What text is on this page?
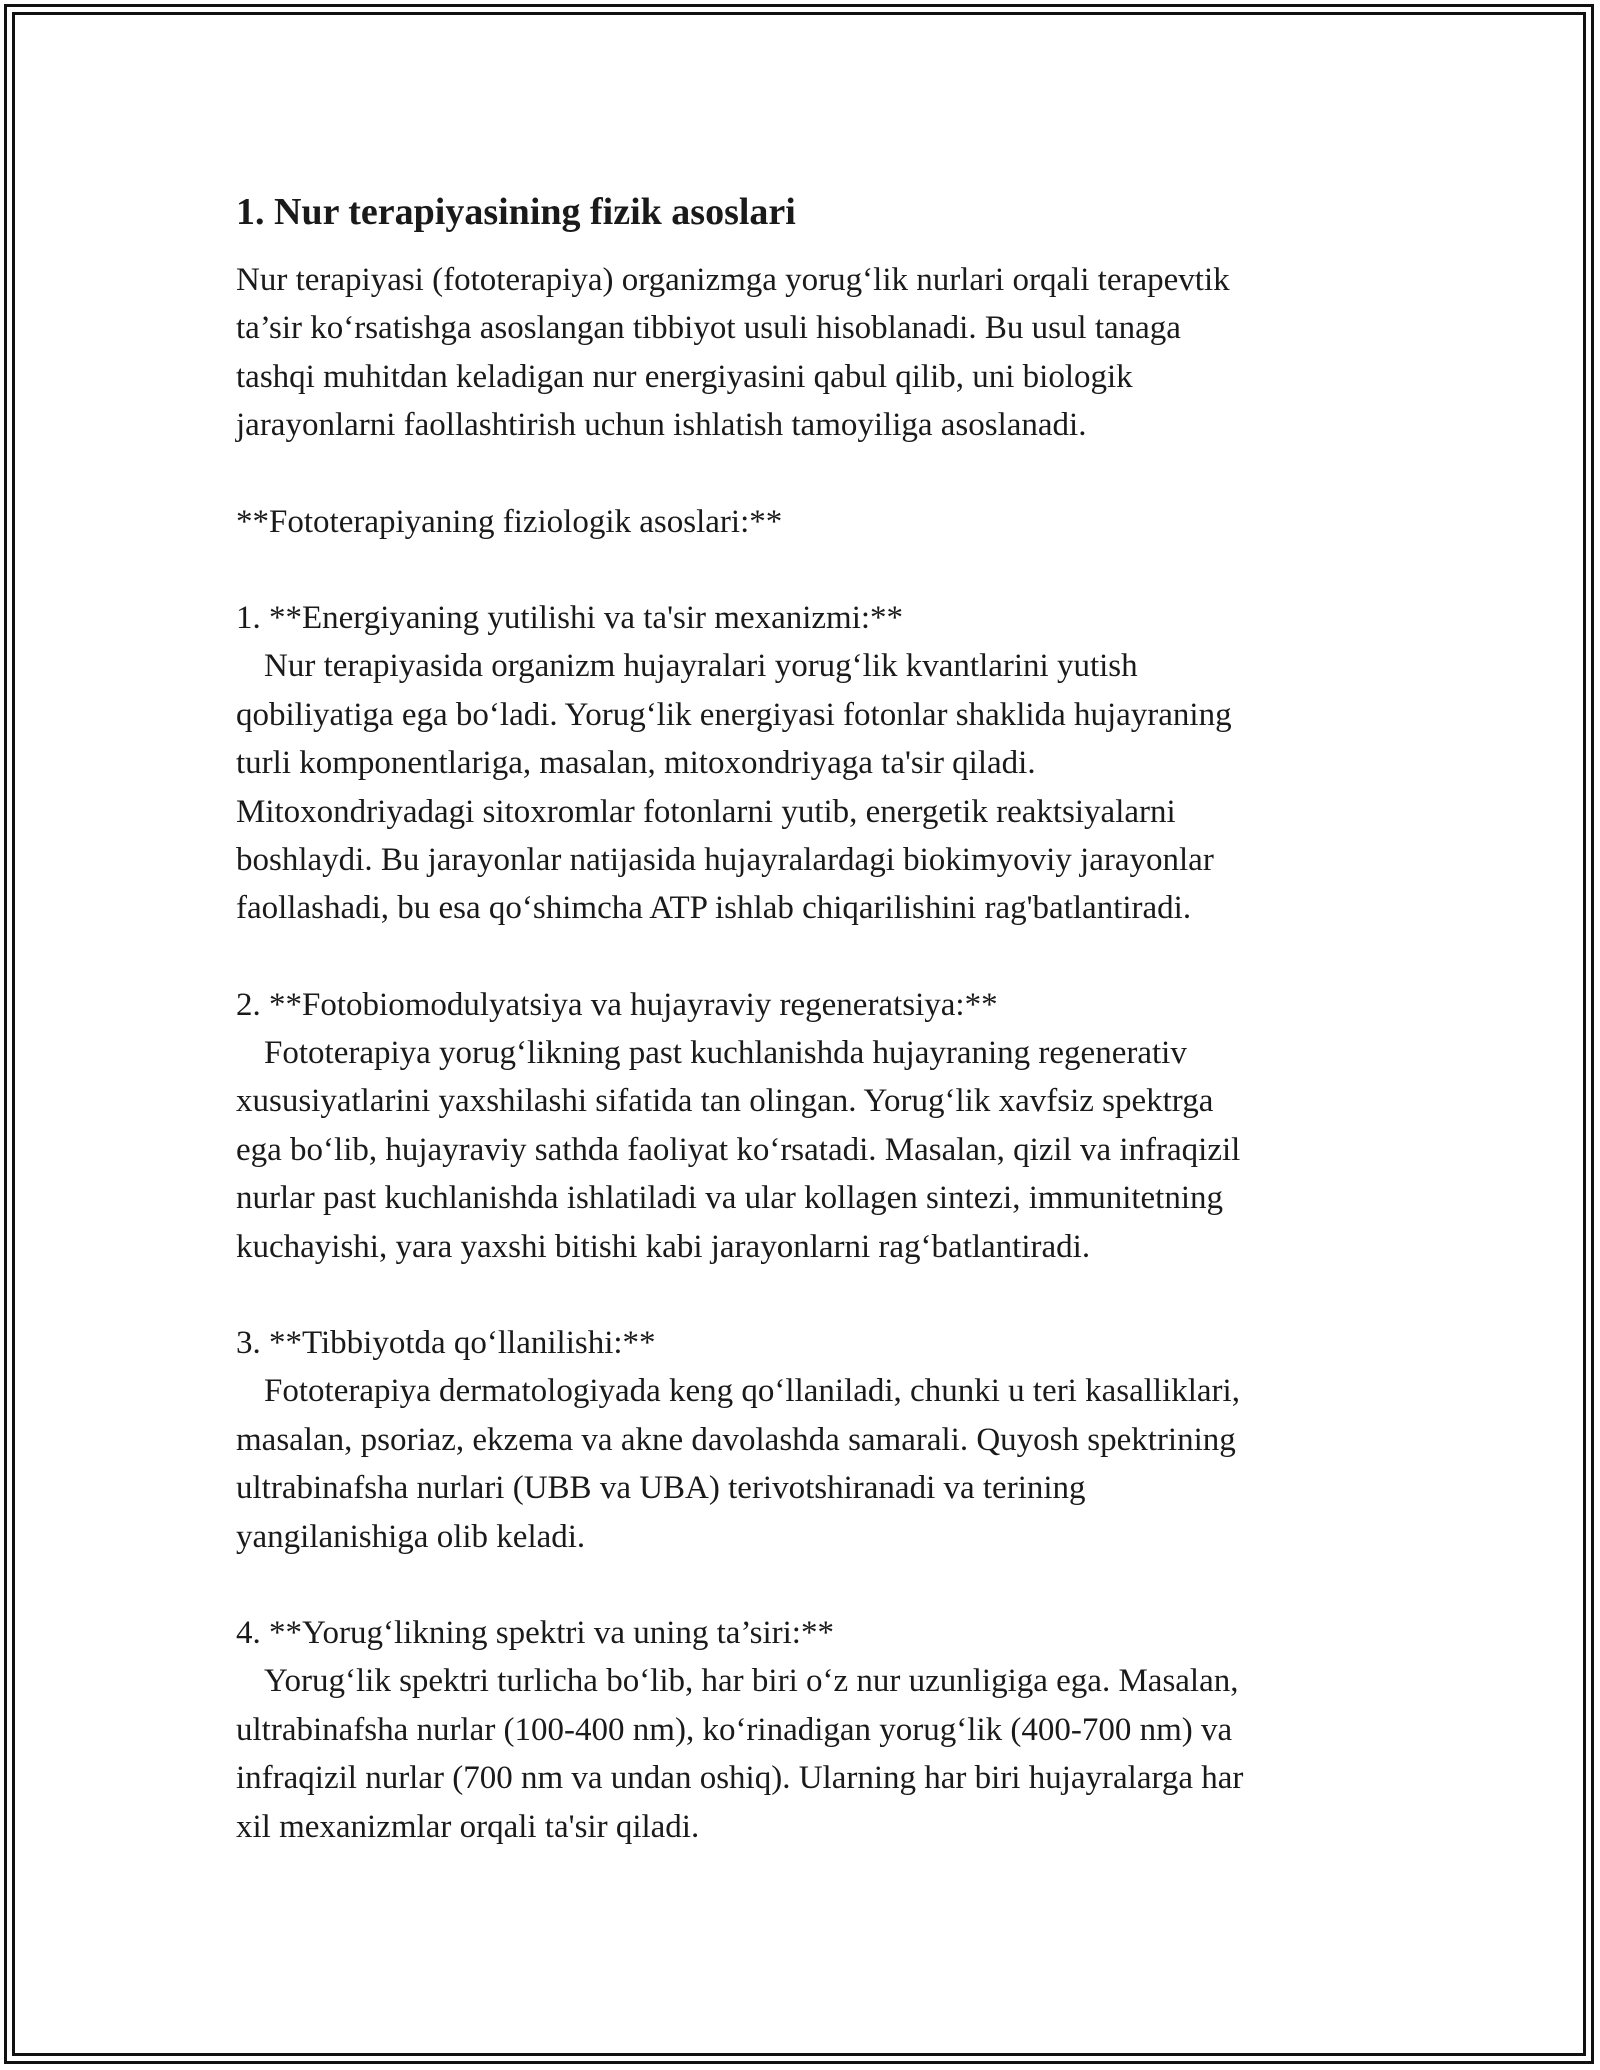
1. Nur terapiyasining fizik asoslari
Nur terapiyasi (fototerapiya) organizmga yorug‘lik nurlari orqali terapevtik
ta’sir ko‘rsatishga asoslangan tibbiyot usuli hisoblanadi. Bu usul tanaga
tashqi muhitdan keladigan nur energiyasini qabul qilib, uni biologik
jarayonlarni faollashtirish uchun ishlatish tamoyiliga asoslanadi.
**Fototerapiyaning fiziologik asoslari:**
1. **Energiyaning yutilishi va ta'sir mexanizmi:**
Nur terapiyasida organizm hujayralari yorug‘lik kvantlarini yutish
qobiliyatiga ega bo‘ladi. Yorug‘lik energiyasi fotonlar shaklida hujayraning
turli komponentlariga, masalan, mitoxondriyaga ta'sir qiladi.
Mitoxondriyadagi sitoxromlar fotonlarni yutib, energetik reaktsiyalarni
boshlaydi. Bu jarayonlar natijasida hujayralardagi biokimyoviy jarayonlar
faollashadi, bu esa qo‘shimcha ATP ishlab chiqarilishini rag'batlantiradi.
2. **Fotobiomodulyatsiya va hujayraviy regeneratsiya:**
Fototerapiya yorug‘likning past kuchlanishda hujayraning regenerativ
xususiyatlarini yaxshilashi sifatida tan olingan. Yorug‘lik xavfsiz spektrga
ega bo‘lib, hujayraviy sathda faoliyat ko‘rsatadi. Masalan, qizil va infraqizil
nurlar past kuchlanishda ishlatiladi va ular kollagen sintezi, immunitetning
kuchayishi, yara yaxshi bitishi kabi jarayonlarni rag‘batlantiradi.
3. **Tibbiyotda qo‘llanilishi:**
Fototerapiya dermatologiyada keng qo‘llaniladi, chunki u teri kasalliklari,
masalan, psoriaz, ekzema va akne davolashda samarali. Quyosh spektrining
ultrabinafsha nurlari (UBB va UBA) terivotshiranadi va terining
yangilanishiga olib keladi.
4. **Yorug‘likning spektri va uning ta’siri:**
Yorug‘lik spektri turlicha bo‘lib, har biri o‘z nur uzunligiga ega. Masalan,
ultrabinafsha nurlar (100-400 nm), ko‘rinadigan yorug‘lik (400-700 nm) va
infraqizil nurlar (700 nm va undan oshiq). Ularning har biri hujayralarga har
xil mexanizmlar orqali ta'sir qiladi.
